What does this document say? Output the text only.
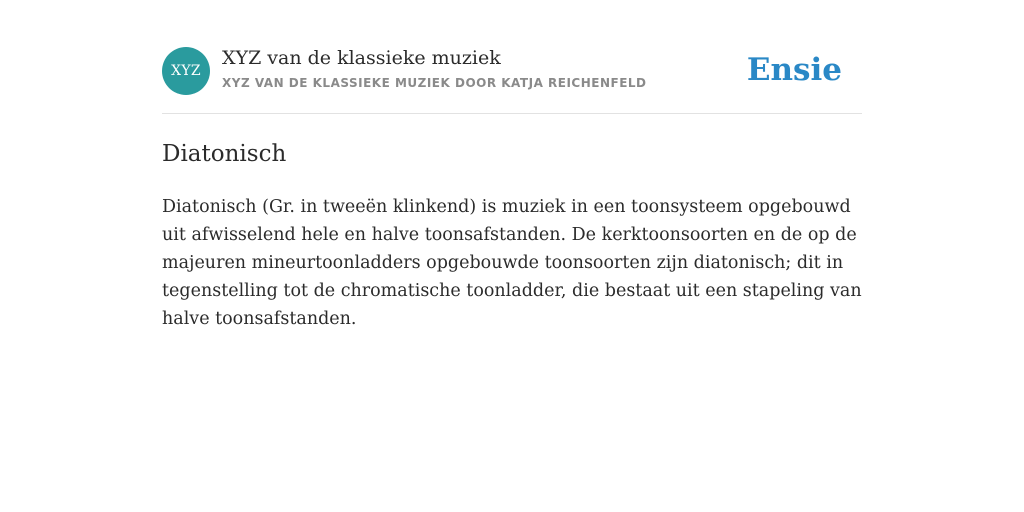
XYZ
XYZ van de klassieke muziek
XYZ VAN DE KLASSIEKE MUZIEK DOOR KATJA REICHENFELD	Ensie
Diatonisch

Diatonisch (Gr. in tweeën klinkend) is muziek in een toonsysteem opgebouwd uit afwisselend hele en halve toonsafstanden. De kerktoonsoorten en de op de majeuren mineurtoonladders opgebouwde toonsoorten zijn diatonisch; dit in tegenstelling tot de chromatische toonladder, die bestaat uit een stapeling van halve toonsafstanden.
